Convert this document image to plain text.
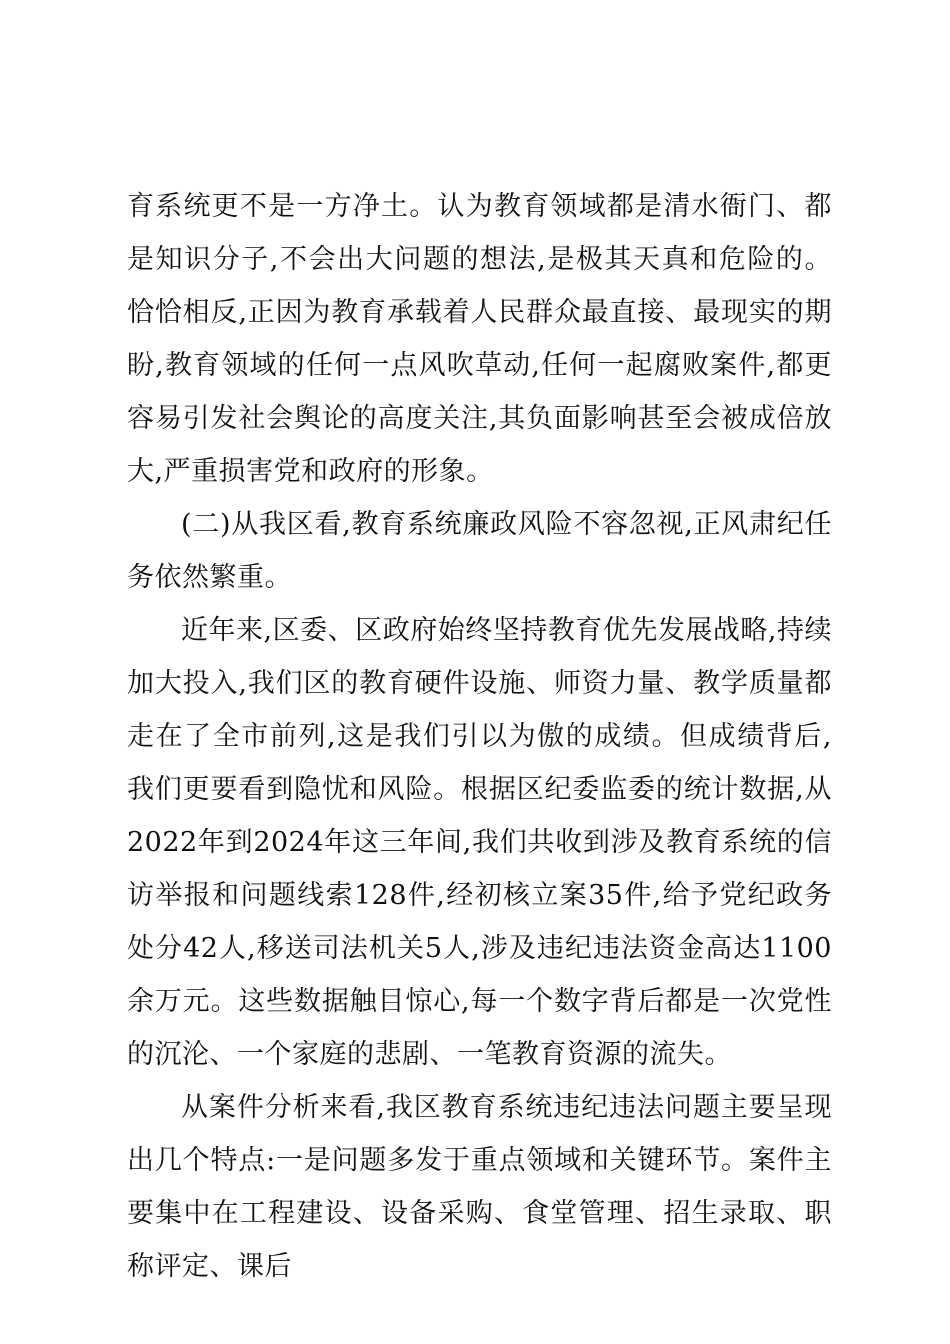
育系统更不是一方净土。认为教育领域都是清水衙门、都是知识分子,不会出大问题的想法,是极其天真和危险的。恰恰相反,正因为教育承载着人民群众最直接、最现实的期盼,教育领域的任何一点风吹草动,任何一起腐败案件,都更容易引发社会舆论的高度关注,其负面影响甚至会被成倍放大,严重损害党和政府的形象。

(二)从我区看,教育系统廉政风险不容忽视,正风肃纪任务依然繁重。

近年来,区委、区政府始终坚持教育优先发展战略,持续加大投入,我们区的教育硬件设施、师资力量、教学质量都走在了全市前列,这是我们引以为傲的成绩。但成绩背后,我们更要看到隐忧和风险。根据区纪委监委的统计数据,从2022年到2024年这三年间,我们共收到涉及教育系统的信访举报和问题线索128件,经初核立案35件,给予党纪政务处分42人,移送司法机关5人,涉及违纪违法资金高达1100余万元。这些数据触目惊心,每一个数字背后都是一次党性的沉沦、一个家庭的悲剧、一笔教育资源的流失。

从案件分析来看,我区教育系统违纪违法问题主要呈现出几个特点:一是问题多发于重点领域和关键环节。案件主要集中在工程建设、设备采购、食堂管理、招生录取、职称评定、课后
